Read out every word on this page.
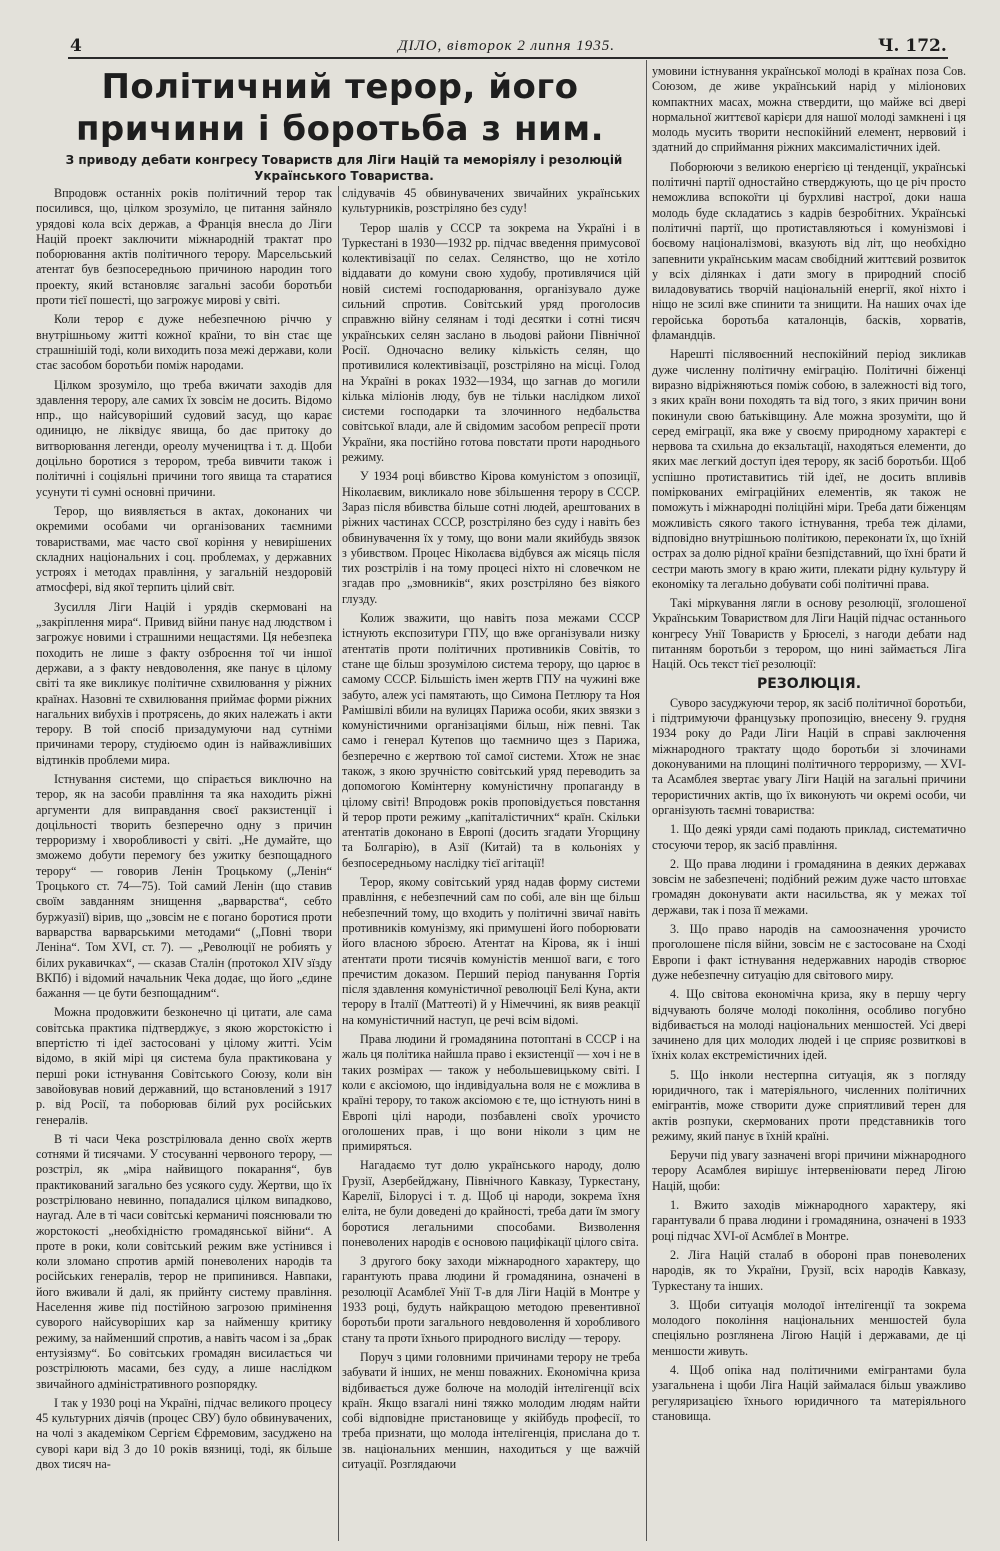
4	ДІЛО, вівторок 2 липня 1935.	Ч. 172.
Політичний терор, його причини і боротьба з ним.

З приводу дебати конгресу Товариств для Ліги Націй та меморіялу і резолюцій Українського Товариства.

Впродовж останніх років політичний терор так посилився, що, цілком зрозуміло, це питання зайняло урядові кола всіх держав, а Франція внесла до Ліги Націй проект заключити міжнародній трактат про поборювання актів політичного терору. Марсельський атентат був безпосередньою причиною народин того проекту, який встановляє загальні засоби боротьби проти тієї пошесті, що загрожує мирові у світі.

Коли терор є дуже небезпечною річчю у внутрішньому житті кожної країни, то він стає ще страшнішій тоді, коли виходить поза межі держави, коли стає засобом боротьби поміж народами.

Цілком зрозуміло, що треба вжичати заходів для здавлення терору, але самих їх зовсім не досить. Відомо нпр., що найсуворіший судовий засуд, що карає одиницю, не ліквідує явища, бо дає притоку до витворювання легенди, ореолу мучеництва і т. д. Щоби доцільно боротися з терором, треба вивчити також і політичні і соціяльні причини того явища та старатися усунути ті сумні основні причини.

Терор, що виявляється в актах, доконаних чи окремими особами чи організованих таємними товариствами, має часто свої коріння у невирішених складних національних і соц. проблемах, у державних устроях і методах правління, у загальній нездоровій атмосфері, від якої терпить цілий світ.

Зусилля Ліги Націй і урядів скермовані на „закріплення мира“. Привид війни панує над людством і загрожує новими і страшними нещастями. Ця небезпека походить не лише з факту озброєння тої чи іншої держави, а з факту невдоволення, яке панує в цілому світі та яке викликує політичне схвилювання у ріжних країнах. Назовні те схвилювання приймає форми ріжних нагальних вибухів і протрясень, до яких належать і акти терору. В той спосіб призадумуючи над сутніми причинами терору, студіюємо один із найважливіших відтинків проблеми мира.

Істнування системи, що спірається виключно на терор, як на засоби правління та яка находить ріжні аргументи для виправдання своєї ракзистенції і доцільності творить безперечно одну з причин терроризму і хворобливості у світі. „Не думайте, що зможемо добути перемогу без ужитку безпощадного терору“ — говорив Ленін Троцькому („Ленін“ Троцького ст. 74—75). Той самий Ленін (що ставив своїм завданням знищення „варварства“, себто буржуазії) вірив, що „зовсім не є погано боротися проти варварства варварськими методами“ („Повні твори Леніна“. Том XVI, ст. 7). — „Революції не робиять у білих рукавичках“, — сказав Сталін (протокол XIV зїзду ВКПб) і відомий начальник Чека додає, що його „єдине бажання — це бути безпощадним“.

Можна продовжити безконечно ці цитати, але сама совітська практика підтверджує, з якою жорстокістю і впертістю ті ідеї застосовані у цілому житті. Усім відомо, в якій мірі ця система була практикована у перші роки істнування Совітського Союзу, коли він завойовував новий державний, що встановлений з 1917 р. від Росії, та поборював білий рух російських генералів.

В ті часи Чека розстрілювала денно своїх жертв сотнями й тисячами. У стосуванні червоного терору, — розстріл, як „міра найвищого покарання“, був практикований загально без усякого суду. Жертви, що їх розстрілювано невинно, попадалися цілком випадково, наугад. Але в ті часи совітські керманичі пояснювали тю жорстокості „необхідністю громадянської війни“. А проте в роки, коли совітський режим вже устінився і коли зломано спротив армій поневолених народів та російських генералів, терор не припинився. Навпаки, його вживали й далі, як прийнту систему правління. Населення живе під постійною загрозою примінення суворого найсуворіших кар за найменшу критику режиму, за найменший спротив, а навіть часом і за „брак ентузіязму“. Бо совітських громадян висилається чи розстрілюють масами, без суду, а лише наслідком звичайного адміністративного розпорядку.

І так у 1930 році на Україні, підчас великого процесу 45 культурних діячів (процес СВУ) було обвинувачених, на чолі з академіком Сергієм Єфремовим, засуджено на суворі кари від 3 до 10 років вязниці, тоді, як більше двох тисяч на-

слідувачів 45 обвинувачених звичайних українських культурників, розстріляно без суду!

Терор шалів у СССР та зокрема на Україні і в Туркестані в 1930—1932 рр. підчас введення примусової колективізації по селах. Селянство, що не хотіло віддавати до комуни свою худобу, противлячися цій новій системі господарювання, організувало дуже сильний спротив. Совітський уряд проголосив справжню війну селянам і тоді десятки і сотні тисяч українських селян заслано в льодові райони Північної Росії. Одночасно велику кількість селян, що противилися колективізації, розстріляно на місці. Голод на Україні в роках 1932—1934, що загнав до могили кілька міліонів люду, був не тільки наслідком лихої системи господарки та злочинного недбальства совітської влади, але й свідомим засобом репресії проти України, яка постійно готова повстати проти народнього режиму.

У 1934 році вбивство Кірова комуністом з опозиції, Ніколаєвим, викликало нове збільшення терору в СССР. Зараз після вбивства більше сотні людей, арештованих в ріжних частинах СССР, розстріляно без суду і навіть без обвинувачення їх у тому, що вони мали якийбудь звязок з убивством. Процес Ніколаєва відбувся аж місяць після тих розстрілів і на тому процесі ніхто ні словечком не згадав про „змовників“, яких розстріляно без віякого глузду.

Колиж зважити, що навіть поза межами СССР істнують експозитури ГПУ, що вже організували низку атентатів проти політичних противників Совітів, то стане ще більш зрозумілою система терору, що царює в самому СССР. Більшість імен жертв ГПУ на чужині вже забуто, алеж усі памятають, що Симона Петлюру та Ноя Рамішвілі вбили на вулицях Парижа особи, яких звязки з комуністичними організаціями більш, ніж певні. Так само і генерал Кутепов що таємничо щез з Парижа, безперечно є жертвою тої самої системи. Хтож не знає також, з якою зручністю совітський уряд переводить за допомогою Комінтерну комуністичну пропаганду в цілому світі! Впродовж років проповідується повстання й терор проти режиму „капіталістичних“ країн. Скільки атентатів доконано в Европі (досить згадати Угорщину та Болгарію), в Азії (Китай) та в кольоніях у безпосередньому наслідку тієї агітації!

Терор, якому совітський уряд надав форму системи правління, є небезпечний сам по собі, але він ще більш небезпечний тому, що входить у політичні звичаї навіть противників комунізму, які примушені його поборювати його власною зброєю. Атентат на Кірова, як і інші атентати проти тисячів комуністів меншої ваги, є того пречистим доказом. Перший період панування Гортія після здавлення комуністичної революції Белі Куна, акти терору в Італії (Маттеоті) й у Німеччині, як вияв реакції на комуністичний наступ, це речі всім відомі.

Права людини й громадянина потоптані в СССР і на жаль ця політика найшла право і екзистенції — хоч і не в таких розмірах — також у небольшевицькому світі. І коли є аксіомою, що індивідуальна воля не є можлива в країні терору, то також аксіомою є те, що істнують нині в Европі цілі народи, позбавлені своїх урочисто оголошених прав, і що вони ніколи з цим не примиряться.

Нагадаємо тут долю українського народу, долю Грузії, Азербейджану, Північного Кавказу, Туркестану, Карелії, Білорусі і т. д. Щоб ці народи, зокрема їхня еліта, не були доведені до крайності, треба дати їм змогу боротися легальними способами. Визволення поневолених народів є основою пацифікації цілого світа.

З другого боку заходи міжнародного характеру, що гарантують права людини й громадянина, означені в резолюції Асамблеї Унії Т-в для Ліги Націй в Монтре у 1933 році, будуть найкращою методою превентивної боротьби проти загального невдоволення й хоробливого стану та проти їхнього природного вислiду — терору.

Поруч з цими головними причинами терору не треба забувати й інших, не менш поважних. Економічна криза відбивається дуже болюче на молодій інтелігенції всіх країн. Якщо взагалі нині тяжко молодим людям найти собі відповідне пристановище у якійбудь професії, то треба признати, що молода інтелігенція, прислана до т. зв. національних меншин, находиться у ще важчій ситуації. Розглядаючи

умовини істнування української молоді в країнах поза Сов. Союзом, де живе український нарід у міліонових компактних масах, можна ствердити, що майже всі двері нормальної життєвої карієри для нашої молоді замкнені і ця молодь мусить творити неспокійний елемент, нервовий і здатний до сприймання ріжних максималістичних ідей.

Поборюючи з великою енергією ці тенденції, українські політичні партії одностайно стверджують, що це річ просто неможлива вспокоїти ці бурхливі настрої, доки наша молодь буде складатись з кадрів безробітних. Українські політичні партії, що протиставляються і комунізмові і боєвому націоналізмові, вказують від літ, що необхідно запевнити українським масам свобідний життєвий розвиток у всіх ділянках і дати змогу в природний спосіб виладовуватись творчій національній енергії, якої ніхто і ніщо не зсилі вже спинити та знищити. На наших очах іде геройська боротьба каталонців, басків, хорватів, фламандців.

Нарешті післявоєнний неспокійний період зикликав дуже численну політичну еміграцію. Політичні біженці виразно відріжняються поміж собою, в залежності від того, з яких країн вони походять та від того, з яких причин вони покинули свою батьківщину. Але можна зрозуміти, що й серед еміграції, яка вже у своєму природному характері є нервова та схильна до екзальтації, находяться елементи, до яких має легкий доступ ідея терору, як засіб боротьби. Щоб успішно протиставитись тій ідеї, не досить впливів поміркованих еміграційних елементів, як також не поможуть і міжнародні поліційні міри. Треба дати біженцям можливість сякого такого істнування, треба теж ділами, відповідно внутрішньою політикою, переконати їх, що їхній острах за долю рідної країни безпідставний, що їхні брати й сестри мають змогу в краю жити, плекати рідну культуру й економіку та легально добувати собі політичні права.

Такі міркування лягли в основу резолюції, зголошеної Українським Товариством для Ліги Націй підчас останнього конгресу Унії Товариств у Брюселі, з нагоди дебати над питанням боротьби з терором, що нині займається Ліга Націй. Ось текст тієї резолюції:

РЕЗОЛЮЦІЯ.

Суворо засуджуючи терор, як засіб політичної боротьби, і підтримуючи французьку пропозицію, внесену 9. грудня 1934 року до Ради Ліги Націй в справі заключення міжнародного трактату щодо боротьби зі злочинами доконуваними на площині політичного терроризму, — XVI-та Асамблея звертає увагу Ліги Націй на загальні причини терористичних актів, що їх виконують чи окремі особи, чи організують таємні товариства:

1. Що деякі уряди самі подають приклад, систематично стосуючи терор, як засіб правління.

2. Що права людини і громадянина в деяких державах зовсім не забезпечені; подібний режим дуже часто штовхає громадян доконувати акти насильства, як у межах тої держави, так і поза її межами.

3. Що право народів на самоозначення урочисто проголошене після війни, зовсім не є застосоване на Сході Европи і факт істнування недержавних народів створює дуже небезпечну ситуацію для світового миру.

4. Що світова економічна криза, яку в першу чергу відчувають боляче молоді покоління, особливо погубно відбивається на молоді національних меншостей. Усі двері зачинено для цих молодих людей і це сприяє розвиткові в їхніх колах екстремістичних ідей.

5. Що інколи нестерпна ситуація, як з погляду юридичного, так і матеріяльного, численних політичних емігрантів, може створити дуже сприятливий терен для актів розпуки, скермованих проти представників того режиму, який панує в їхній країні.

Беручи під увагу зазначені вгорі причини міжнародного терору Асамблея вирішує інтервеніювати перед Лігою Націй, щоби:

1. Вжито заходів міжнародного характеру, які гарантували б права людини і громадянина, означені в 1933 році підчас XVI-ої Асмблеї в Монтре.

2. Ліга Націй сталаб в обороні прав поневолених народів, як то України, Грузії, всіх народів Кавказу, Туркестану та інших.

3. Щоби ситуація молодої інтелігенції та зокрема молодого покоління національних меншостей була спеціяльно розглянена Лігою Націй і державами, де ці меншости живуть.

4. Щоб опіка над політичними емігрантами була узагальнена і щоби Ліга Націй займалася більш уважливо регуляризацією їхнього юридичного та матеріяльного становища.
